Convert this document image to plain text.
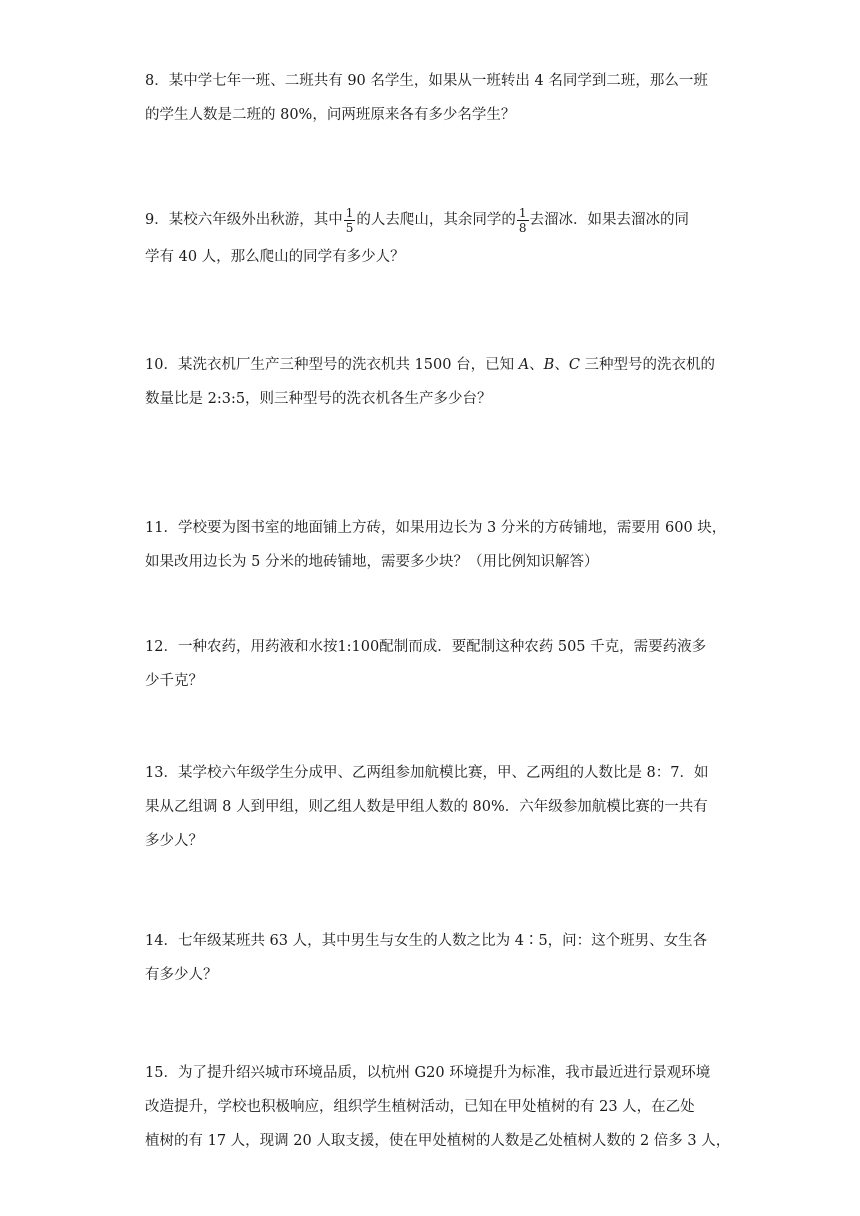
8．某中学七年一班、二班共有 90 名学生，如果从一班转出 4 名同学到二班，那么一班

的学生人数是二班的 80%，问两班原来各有多少名学生？

9．某校六年级外出秋游，其中 $\frac{1}{5}$ 的人去爬山，其余同学的 $\frac{1}{8}$ 去溜冰．如果去溜冰的同

学有 40 人，那么爬山的同学有多少人？

10．某洗衣机厂生产三种型号的洗衣机共 1500 台，已知 A、B、C 三种型号的洗衣机的

数量比是 2:3:5，则三种型号的洗衣机各生产多少台？

11．学校要为图书室的地面铺上方砖，如果用边长为 3 分米的方砖铺地，需要用 600 块，

如果改用边长为 5 分米的地砖铺地，需要多少块？（用比例知识解答）

12．一种农药，用药液和水按1:100配制而成．要配制这种农药 505 千克，需要药液多

少千克？

13．某学校六年级学生分成甲、乙两组参加航模比赛，甲、乙两组的人数比是 8：7．如

果从乙组调 8 人到甲组，则乙组人数是甲组人数的 80%．六年级参加航模比赛的一共有

多少人？

14．七年级某班共 63 人，其中男生与女生的人数之比为 4∶5，问：这个班男、女生各

有多少人？

15．为了提升绍兴城市环境品质，以杭州 G20 环境提升为标准，我市最近进行景观环境

改造提升，学校也积极响应，组织学生植树活动，已知在甲处植树的有 23 人，在乙处

植树的有 17 人，现调 20 人取支援，使在甲处植树的人数是乙处植树人数的 2 倍多 3 人，
